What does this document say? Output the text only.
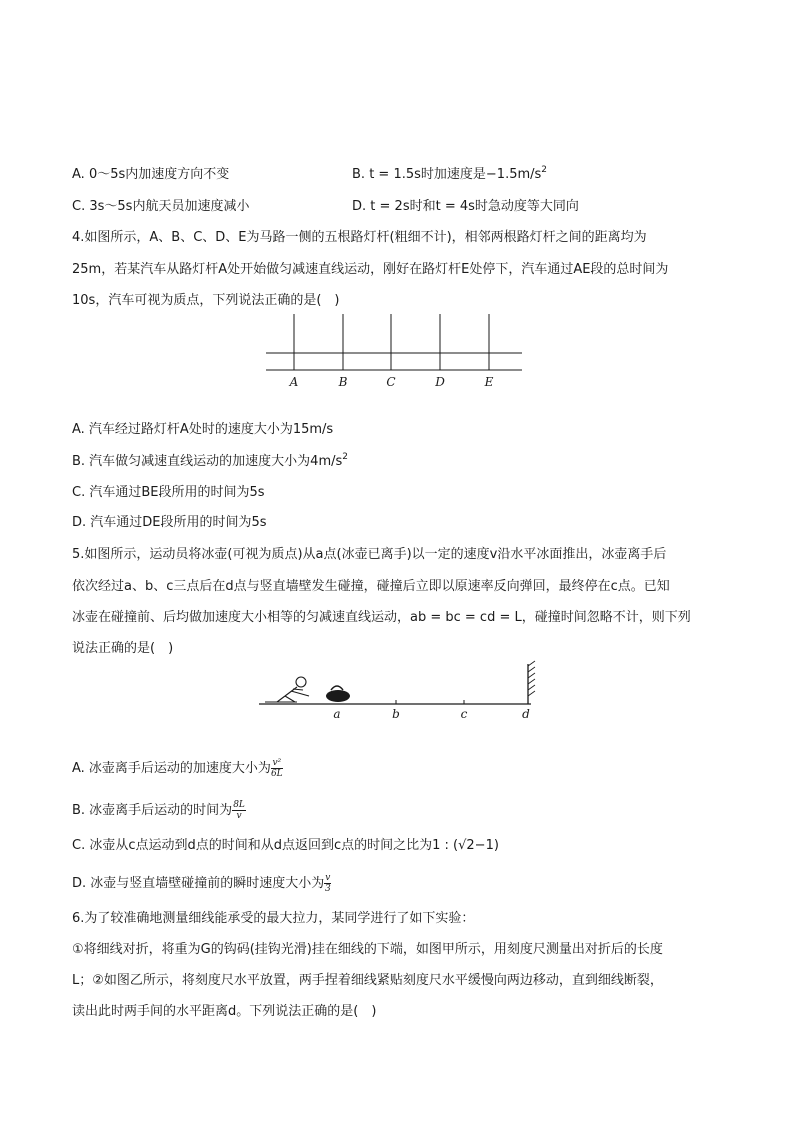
A. 0～5s内加速度方向不变	B. t = 1.5s时加速度是$-1.5m/s^2$
C. 3s～5s内航天员加速度减小	D. t = 2s时和t = 4s时急动度等大同向
4.如图所示，A、B、C、D、E为马路一侧的五根路灯杆(粗细不计)，相邻两根路灯杆之间的距离均为
25m，若某汽车从路灯杆A处开始做匀减速直线运动，刚好在路灯杆E处停下，汽车通过AE段的总时间为
10s，汽车可视为质点，下列说法正确的是(　)
A	B	C	D	E
A. 汽车经过路灯杆A处时的速度大小为15m/s
B. 汽车做匀减速直线运动的加速度大小为$4m/s^2$
C. 汽车通过BE段所用的时间为5s
D. 汽车通过DE段所用的时间为5s
5.如图所示，运动员将冰壶(可视为质点)从a点(冰壶已离手)以一定的速度v沿水平冰面推出，冰壶离手后
依次经过a、b、c三点后在d点与竖直墙壁发生碰撞，碰撞后立即以原速率反向弹回，最终停在c点。已知
冰壶在碰撞前、后均做加速度大小相等的匀减速直线运动，ab = bc = cd = L，碰撞时间忽略不计，则下列
说法正确的是(　)
a	b	c	d
A. 冰壶离手后运动的加速度大小为 $\frac{\text{v²}}{6L}$
B. 冰壶离手后运动的时间为 $\frac{8L}{v}$
C. 冰壶从c点运动到d点的时间和从d点返回到c点的时间之比为1 : (√2−1)
D. 冰壶与竖直墙壁碰撞前的瞬时速度大小为 $\frac{v}{3}$
6.为了较准确地测量细线能承受的最大拉力，某同学进行了如下实验：
①将细线对折，将重为G的钩码(挂钩光滑)挂在细线的下端，如图甲所示，用刻度尺测量出对折后的长度
L；②如图乙所示，将刻度尺水平放置，两手捏着细线紧贴刻度尺水平缓慢向两边移动，直到细线断裂，
读出此时两手间的水平距离d。下列说法正确的是(　)
